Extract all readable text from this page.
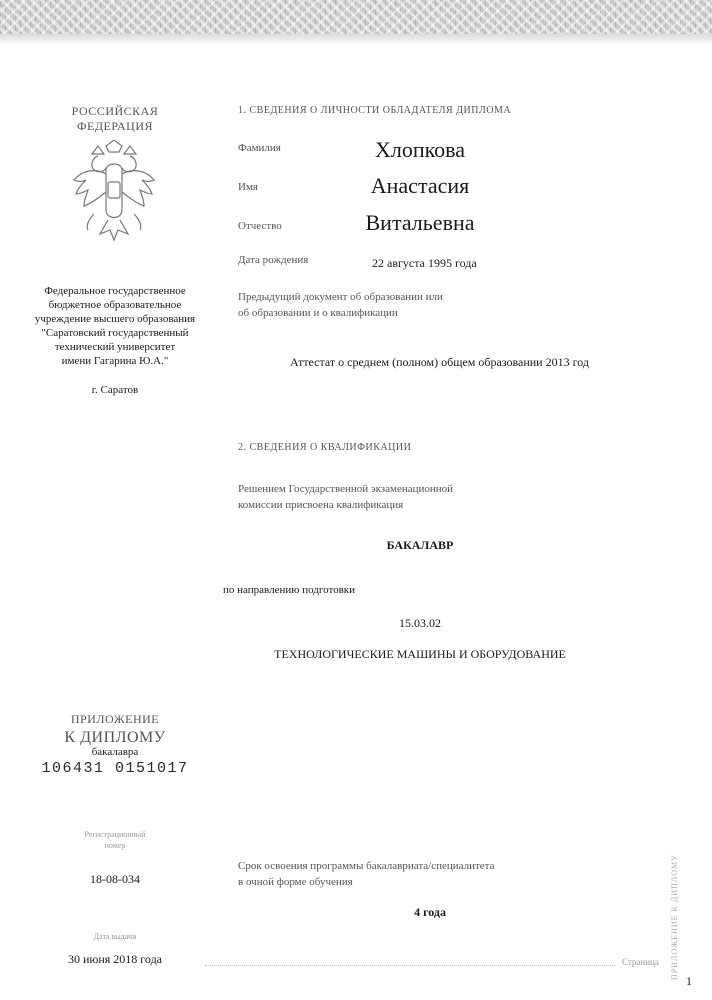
РОССИЙСКАЯ
ФЕДЕРАЦИЯ
Федеральное государственное
бюджетное образовательное
учреждение высшего образования
"Саратовский государственный
технический университет
имени Гагарина Ю.А."
г. Саратов
ПРИЛОЖЕНИЕ
К ДИПЛОМУ
бакалавра
106431 0151017
Регистрационный
номер
18-08-034
Дата выдачи
30 июня 2018 года
1. СВЕДЕНИЯ О ЛИЧНОСТИ ОБЛАДАТЕЛЯ ДИПЛОМА
Фамилия	Хлопкова
Имя	Анастасия
Отчество	Витальевна
Дата рождения	22 августа 1995 года
Предыдущий документ об образовании или
об образовании и о квалификации
Аттестат о среднем (полном) общем образовании 2013 год
2. СВЕДЕНИЯ О КВАЛИФИКАЦИИ
Решением Государственной экзаменационной
комиссии присвоена квалификация
БАКАЛАВР
по направлению подготовки
15.03.02
ТЕХНОЛОГИЧЕСКИЕ МАШИНЫ И ОБОРУДОВАНИЕ
Срок освоения программы бакалавриата/специалитета
в очной форме обучения
4 года
Страница
1
ПРИЛОЖЕНИЕ К ДИПЛОМУ
